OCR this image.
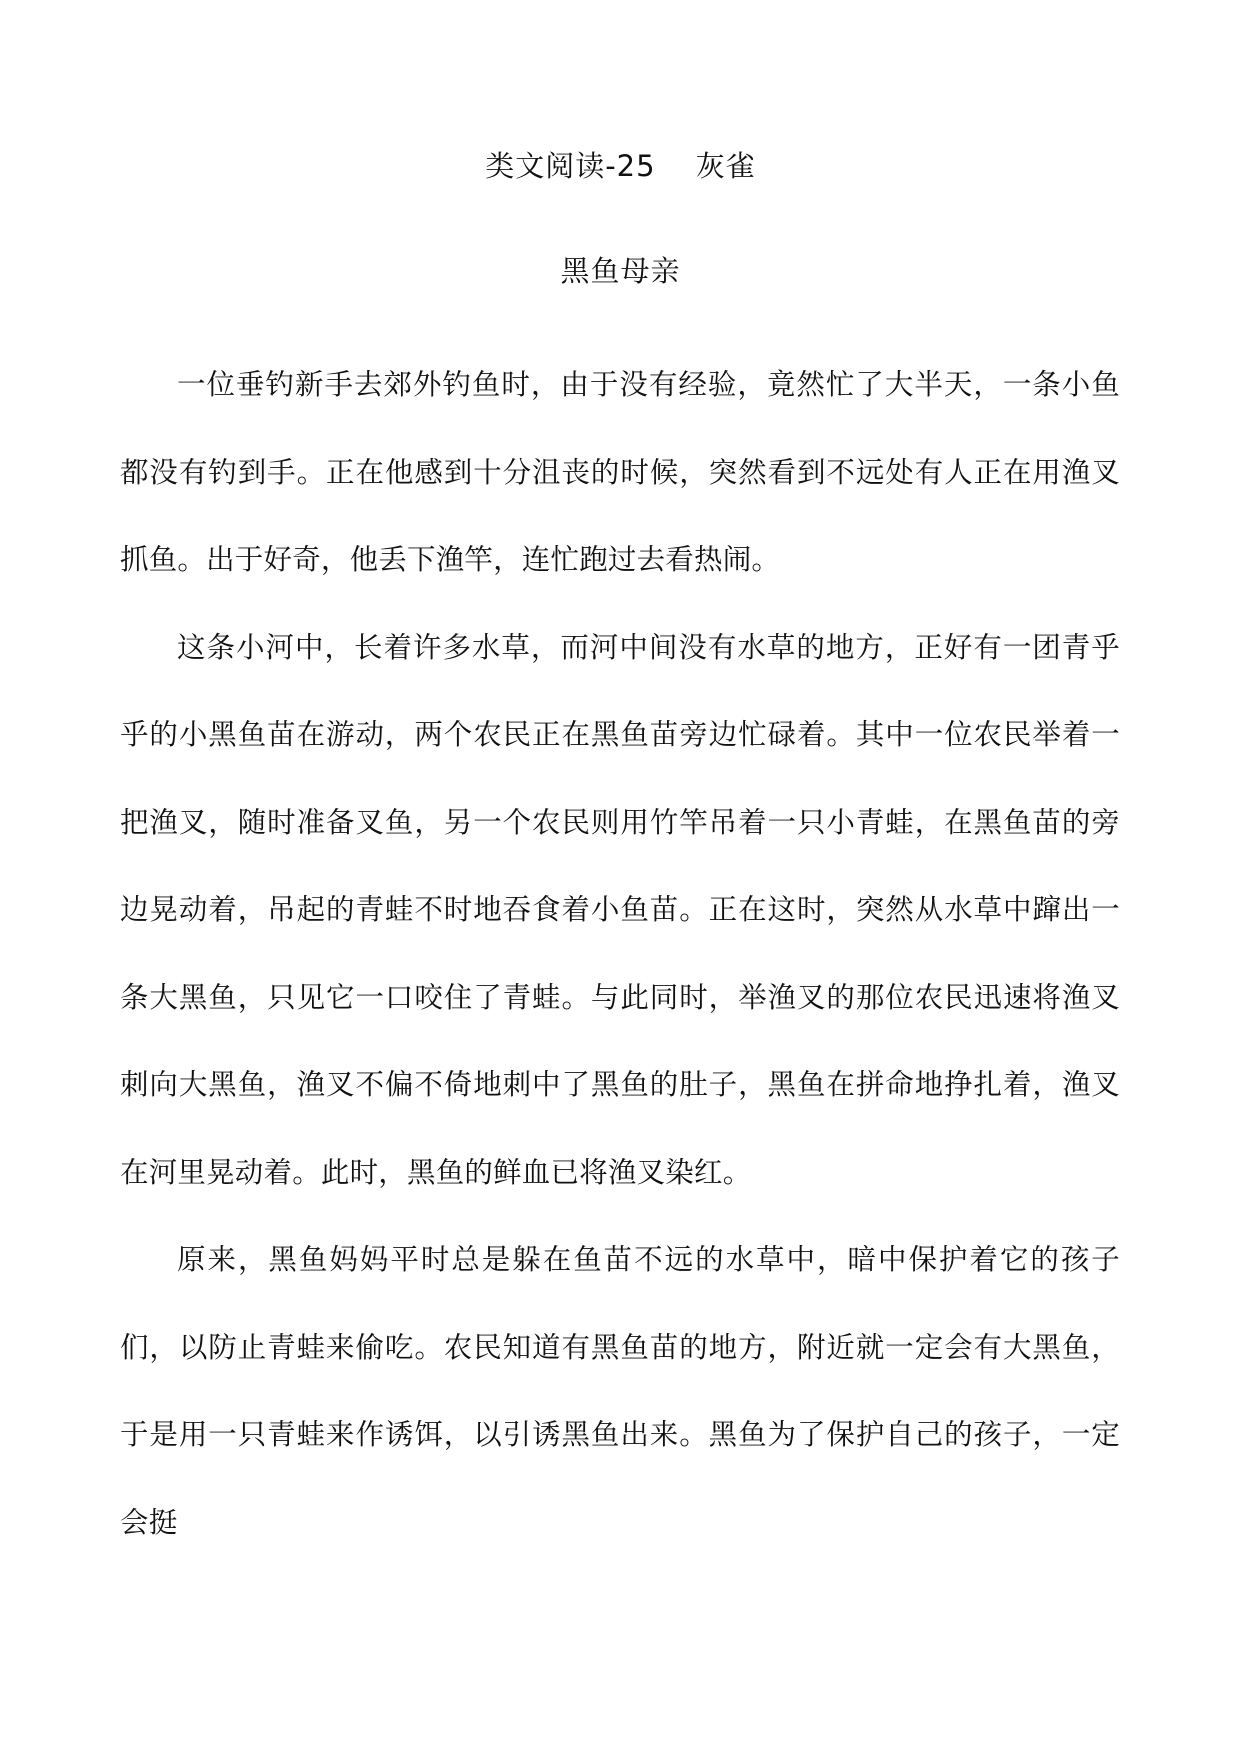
类文阅读-25　 灰雀
黑鱼母亲

一位垂钓新手去郊外钓鱼时，由于没有经验，竟然忙了大半天，一条小鱼都没有钓到手。正在他感到十分沮丧的时候，突然看到不远处有人正在用渔叉抓鱼。出于好奇，他丢下渔竿，连忙跑过去看热闹。

这条小河中，长着许多水草，而河中间没有水草的地方，正好有一团青乎乎的小黑鱼苗在游动，两个农民正在黑鱼苗旁边忙碌着。其中一位农民举着一把渔叉，随时准备叉鱼，另一个农民则用竹竿吊着一只小青蛙，在黑鱼苗的旁边晃动着，吊起的青蛙不时地吞食着小鱼苗。正在这时，突然从水草中蹿出一条大黑鱼，只见它一口咬住了青蛙。与此同时，举渔叉的那位农民迅速将渔叉刺向大黑鱼，渔叉不偏不倚地刺中了黑鱼的肚子，黑鱼在拼命地挣扎着，渔叉在河里晃动着。此时，黑鱼的鲜血已将渔叉染红。

原来，黑鱼妈妈平时总是躲在鱼苗不远的水草中，暗中保护着它的孩子们，以防止青蛙来偷吃。农民知道有黑鱼苗的地方，附近就一定会有大黑鱼，于是用一只青蛙来作诱饵，以引诱黑鱼出来。黑鱼为了保护自己的孩子，一定会挺
